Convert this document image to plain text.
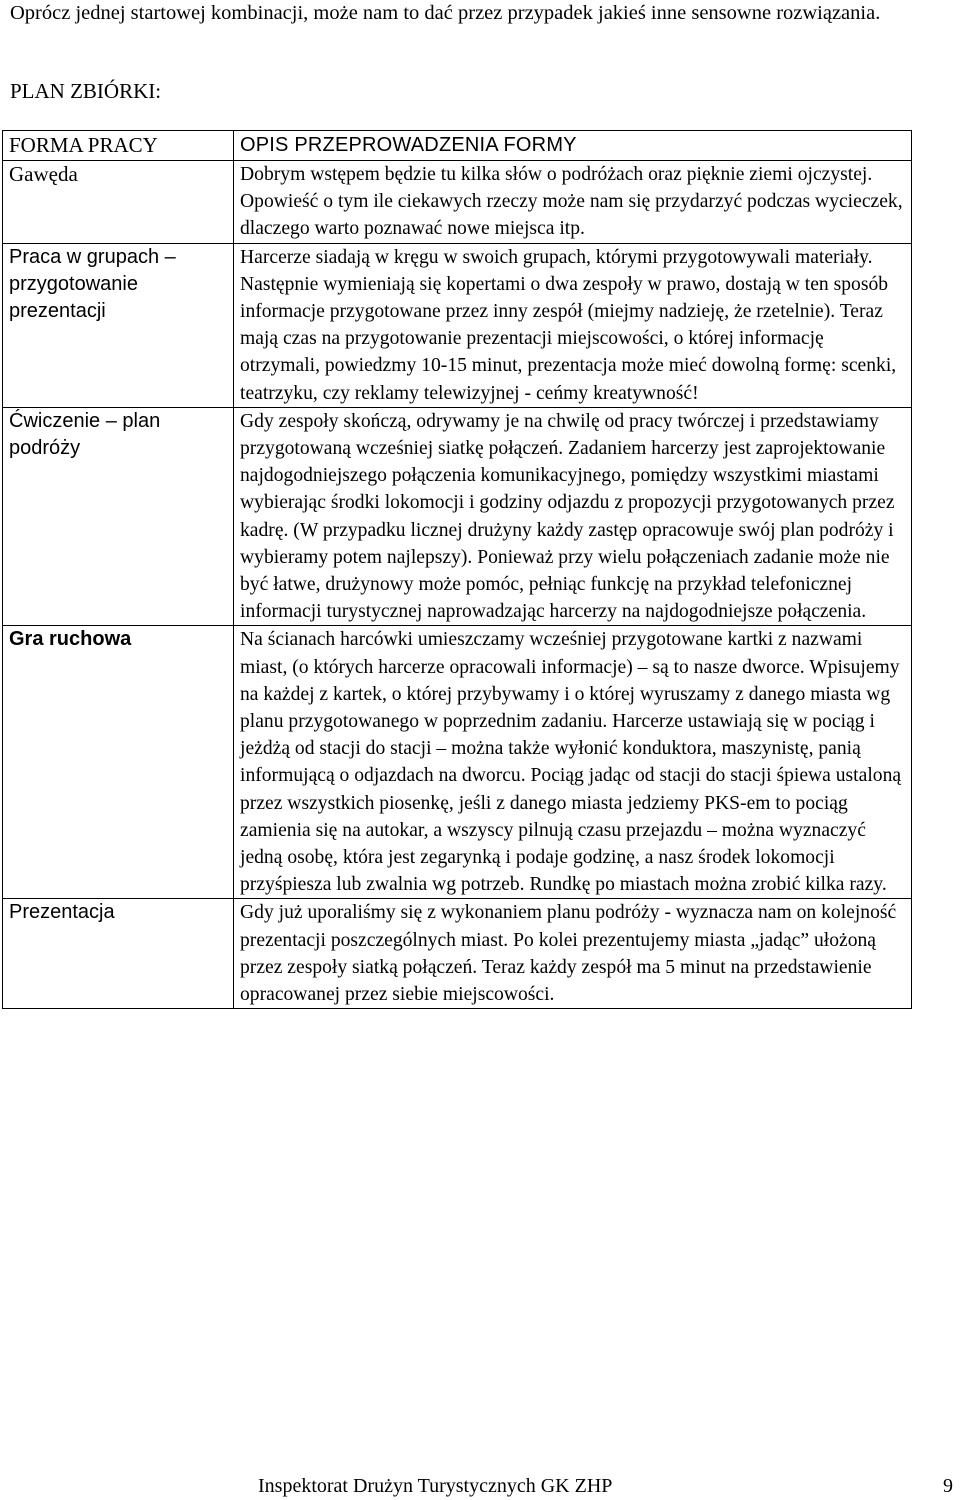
Oprócz jednej startowej kombinacji, może nam to dać przez przypadek jakieś inne sensowne rozwiązania.
PLAN ZBIÓRKI:
FORMA PRACY	OPIS PRZEPROWADZENIA FORMY
Gawęda	Dobrym wstępem będzie tu kilka słów o podróżach oraz pięknie ziemi ojczystej. Opowieść o tym ile ciekawych rzeczy może nam się przydarzyć podczas wycieczek, dlaczego warto poznawać nowe miejsca itp.
Praca w grupach – przygotowanie prezentacji	Harcerze siadają w kręgu w swoich grupach, którymi przygotowywali materiały. Następnie wymieniają się kopertami o dwa zespoły w prawo, dostają w ten sposób informacje przygotowane przez inny zespół (miejmy nadzieję, że rzetelnie). Teraz mają czas na przygotowanie prezentacji miejscowości, o której informację otrzymali, powiedzmy 10-15 minut, prezentacja może mieć dowolną formę: scenki, teatrzyku, czy reklamy telewizyjnej - ceńmy kreatywność!
Ćwiczenie – plan podróży	Gdy zespoły skończą, odrywamy je na chwilę od pracy twórczej i przedstawiamy przygotowaną wcześniej siatkę połączeń. Zadaniem harcerzy jest zaprojektowanie najdogodniejszego połączenia komunikacyjnego, pomiędzy wszystkimi miastami wybierając środki lokomocji i godziny odjazdu z propozycji przygotowanych przez kadrę. (W przypadku licznej drużyny każdy zastęp opracowuje swój plan podróży i wybieramy potem najlepszy). Ponieważ przy wielu połączeniach zadanie może nie być łatwe, drużynowy może pomóc, pełniąc funkcję na przykład telefonicznej informacji turystycznej naprowadzając harcerzy na najdogodniejsze połączenia.
Gra ruchowa	Na ścianach harcówki umieszczamy wcześniej przygotowane kartki z nazwami miast, (o których harcerze opracowali informacje) – są to nasze dworce. Wpisujemy na każdej z kartek, o której przybywamy i o której wyruszamy z danego miasta wg planu przygotowanego w poprzednim zadaniu. Harcerze ustawiają się w pociąg i jeżdżą od stacji do stacji – można także wyłonić konduktora, maszynistę, panią informującą o odjazdach na dworcu. Pociąg jadąc od stacji do stacji śpiewa ustaloną przez wszystkich piosenkę, jeśli z danego miasta jedziemy PKS-em to pociąg zamienia się na autokar, a wszyscy pilnują czasu przejazdu – można wyznaczyć jedną osobę, która jest zegarynką i podaje godzinę, a nasz środek lokomocji przyśpiesza lub zwalnia wg potrzeb. Rundkę po miastach można zrobić kilka razy.
Prezentacja	Gdy już uporaliśmy się z wykonaniem planu podróży - wyznacza nam on kolejność prezentacji poszczególnych miast. Po kolei prezentujemy miasta „jadąc” ułożoną przez zespoły siatką połączeń. Teraz każdy zespół ma 5 minut na przedstawienie opracowanej przez siebie miejscowości.
Inspektorat Drużyn Turystycznych GK ZHP	9
